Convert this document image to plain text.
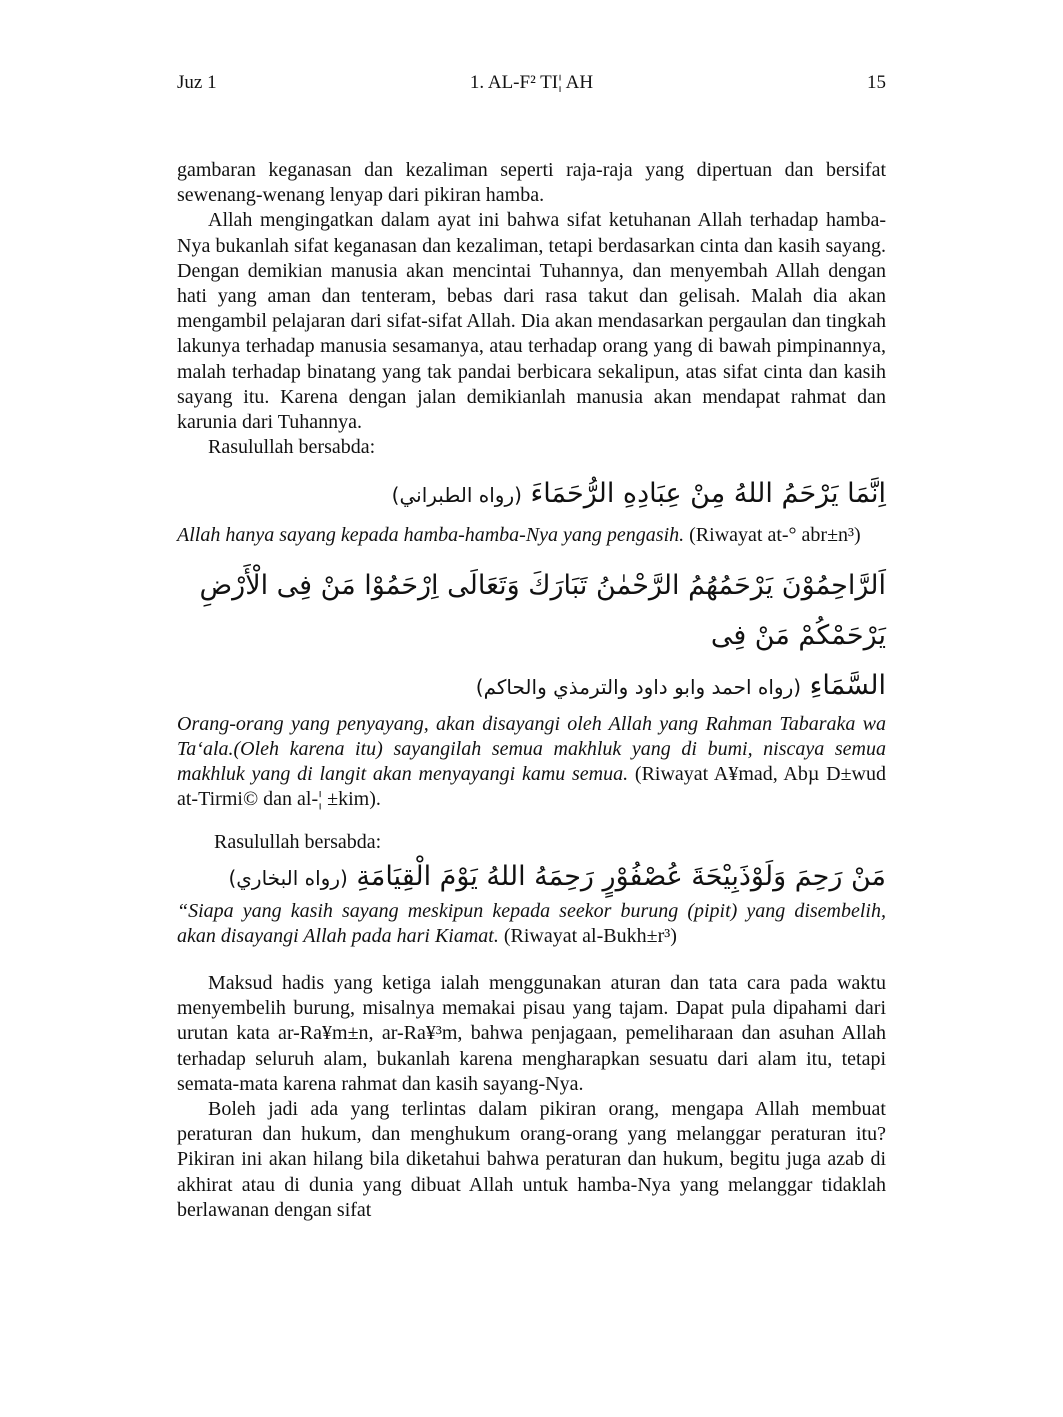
Juz 1	1. AL-F² TI¦ AH	15

gambaran keganasan dan kezaliman seperti raja-raja yang dipertuan dan bersifat sewenang-wenang lenyap dari pikiran hamba.

Allah mengingatkan dalam ayat ini bahwa sifat ketuhanan Allah terhadap hamba-Nya bukanlah sifat keganasan dan kezaliman, tetapi berdasarkan cinta dan kasih sayang. Dengan demikian manusia akan mencintai Tuhannya, dan menyembah Allah dengan hati yang aman dan tenteram, bebas dari rasa takut dan gelisah. Malah dia akan mengambil pelajaran dari sifat-sifat Allah. Dia akan mendasarkan pergaulan dan tingkah lakunya terhadap manusia sesamanya, atau terhadap orang yang di bawah pimpinannya, malah terhadap binatang yang tak pandai berbicara sekalipun, atas sifat cinta dan kasih sayang itu. Karena dengan jalan demikianlah manusia akan mendapat rahmat dan karunia dari Tuhannya.

Rasulullah bersabda:

اِنَّمَا يَرْحَمُ اللهُ مِنْ عِبَادِهِ الرُّحَمَاءَ (رواه الطبراني)

Allah hanya sayang kepada hamba-hamba-Nya yang pengasih. (Riwayat at-° abr±n³)

اَلرَّاحِمُوْنَ يَرْحَمُهُمُ الرَّحْمٰنُ تَبَارَكَ وَتَعَالَى اِرْحَمُوْا مَنْ فِى الْأَرْضِ يَرْحَمْكُمْ مَنْ فِى
السَّمَاءِ (رواه احمد وابو داود والترمذي والحاكم)

Orang-orang yang penyayang, akan disayangi oleh Allah yang Rahman Tabaraka wa Ta‘ala.(Oleh karena itu) sayangilah semua makhluk yang di bumi, niscaya semua makhluk yang di langit akan menyayangi kamu semua. (Riwayat A¥mad, Abµ D±wud at-Tirmi© dan al-¦ ±kim).

Rasulullah bersabda:

مَنْ رَحِمَ وَلَوْذَبِيْحَةَ عُصْفُوْرٍ رَحِمَهُ اللهُ يَوْمَ الْقِيَامَةِ (رواه البخاري)

“Siapa yang kasih sayang meskipun kepada seekor burung (pipit) yang disembelih, akan disayangi Allah pada hari Kiamat. (Riwayat al-Bukh±r³)

Maksud hadis yang ketiga ialah menggunakan aturan dan tata cara pada waktu menyembelih burung, misalnya memakai pisau yang tajam. Dapat pula dipahami dari urutan kata ar-Ra¥m±n, ar-Ra¥³m, bahwa penjagaan, pemeliharaan dan asuhan Allah terhadap seluruh alam, bukanlah karena mengharapkan sesuatu dari alam itu, tetapi semata-mata karena rahmat dan kasih sayang-Nya.

Boleh jadi ada yang terlintas dalam pikiran orang, mengapa Allah membuat peraturan dan hukum, dan menghukum orang-orang yang melanggar peraturan itu? Pikiran ini akan hilang bila diketahui bahwa peraturan dan hukum, begitu juga azab di akhirat atau di dunia yang dibuat Allah untuk hamba-Nya yang melanggar tidaklah berlawanan dengan sifat
